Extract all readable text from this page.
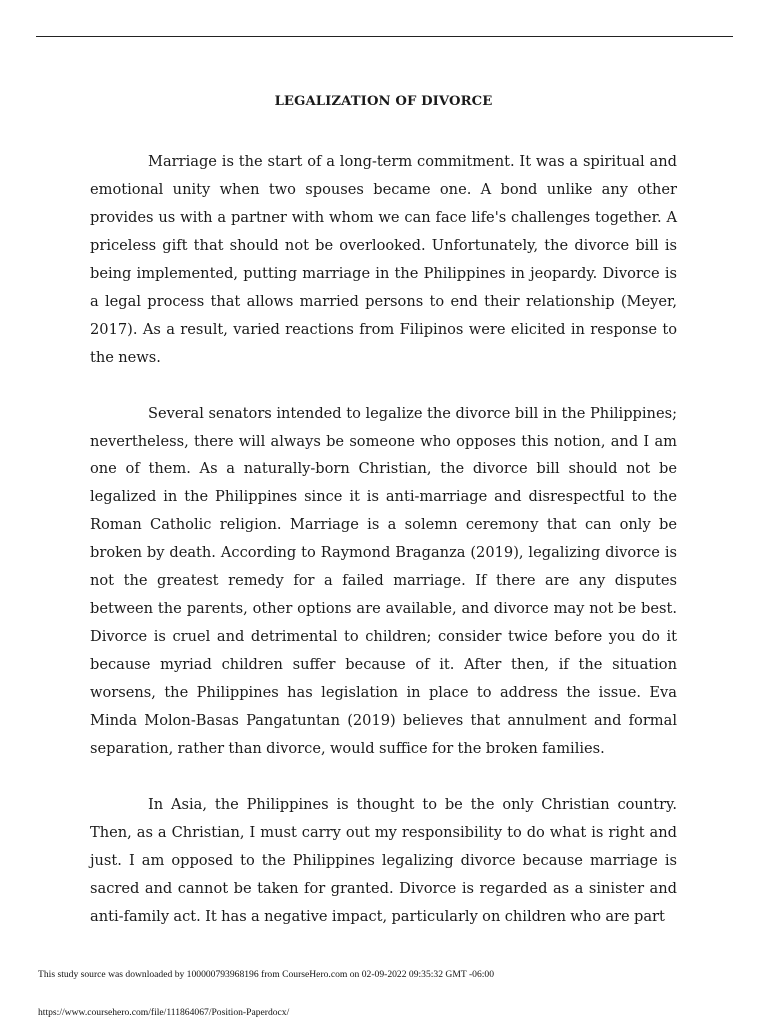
LEGALIZATION OF DIVORCE

Marriage is the start of a long-term commitment. It was a spiritual and emotional unity when two spouses became one. A bond unlike any other provides us with a partner with whom we can face life's challenges together. A priceless gift that should not be overlooked. Unfortunately, the divorce bill is being implemented, putting marriage in the Philippines in jeopardy. Divorce is a legal process that allows married persons to end their relationship (Meyer, 2017). As a result, varied reactions from Filipinos were elicited in response to the news.

Several senators intended to legalize the divorce bill in the Philippines; nevertheless, there will always be someone who opposes this notion, and I am one of them. As a naturally-born Christian, the divorce bill should not be legalized in the Philippines since it is anti-marriage and disrespectful to the Roman Catholic religion. Marriage is a solemn ceremony that can only be broken by death. According to Raymond Braganza (2019), legalizing divorce is not the greatest remedy for a failed marriage. If there are any disputes between the parents, other options are available, and divorce may not be best. Divorce is cruel and detrimental to children; consider twice before you do it because myriad children suffer because of it. After then, if the situation worsens, the Philippines has legislation in place to address the issue. Eva Minda Molon-Basas Pangatuntan (2019) believes that annulment and formal separation, rather than divorce, would suffice for the broken families.

In Asia, the Philippines is thought to be the only Christian country. Then, as a Christian, I must carry out my responsibility to do what is right and just. I am opposed to the Philippines legalizing divorce because marriage is sacred and cannot be taken for granted. Divorce is regarded as a sinister and anti-family act. It has a negative impact, particularly on children who are part

This study source was downloaded by 100000793968196 from CourseHero.com on 02-09-2022 09:35:32 GMT -06:00
https://www.coursehero.com/file/111864067/Position-Paperdocx/
